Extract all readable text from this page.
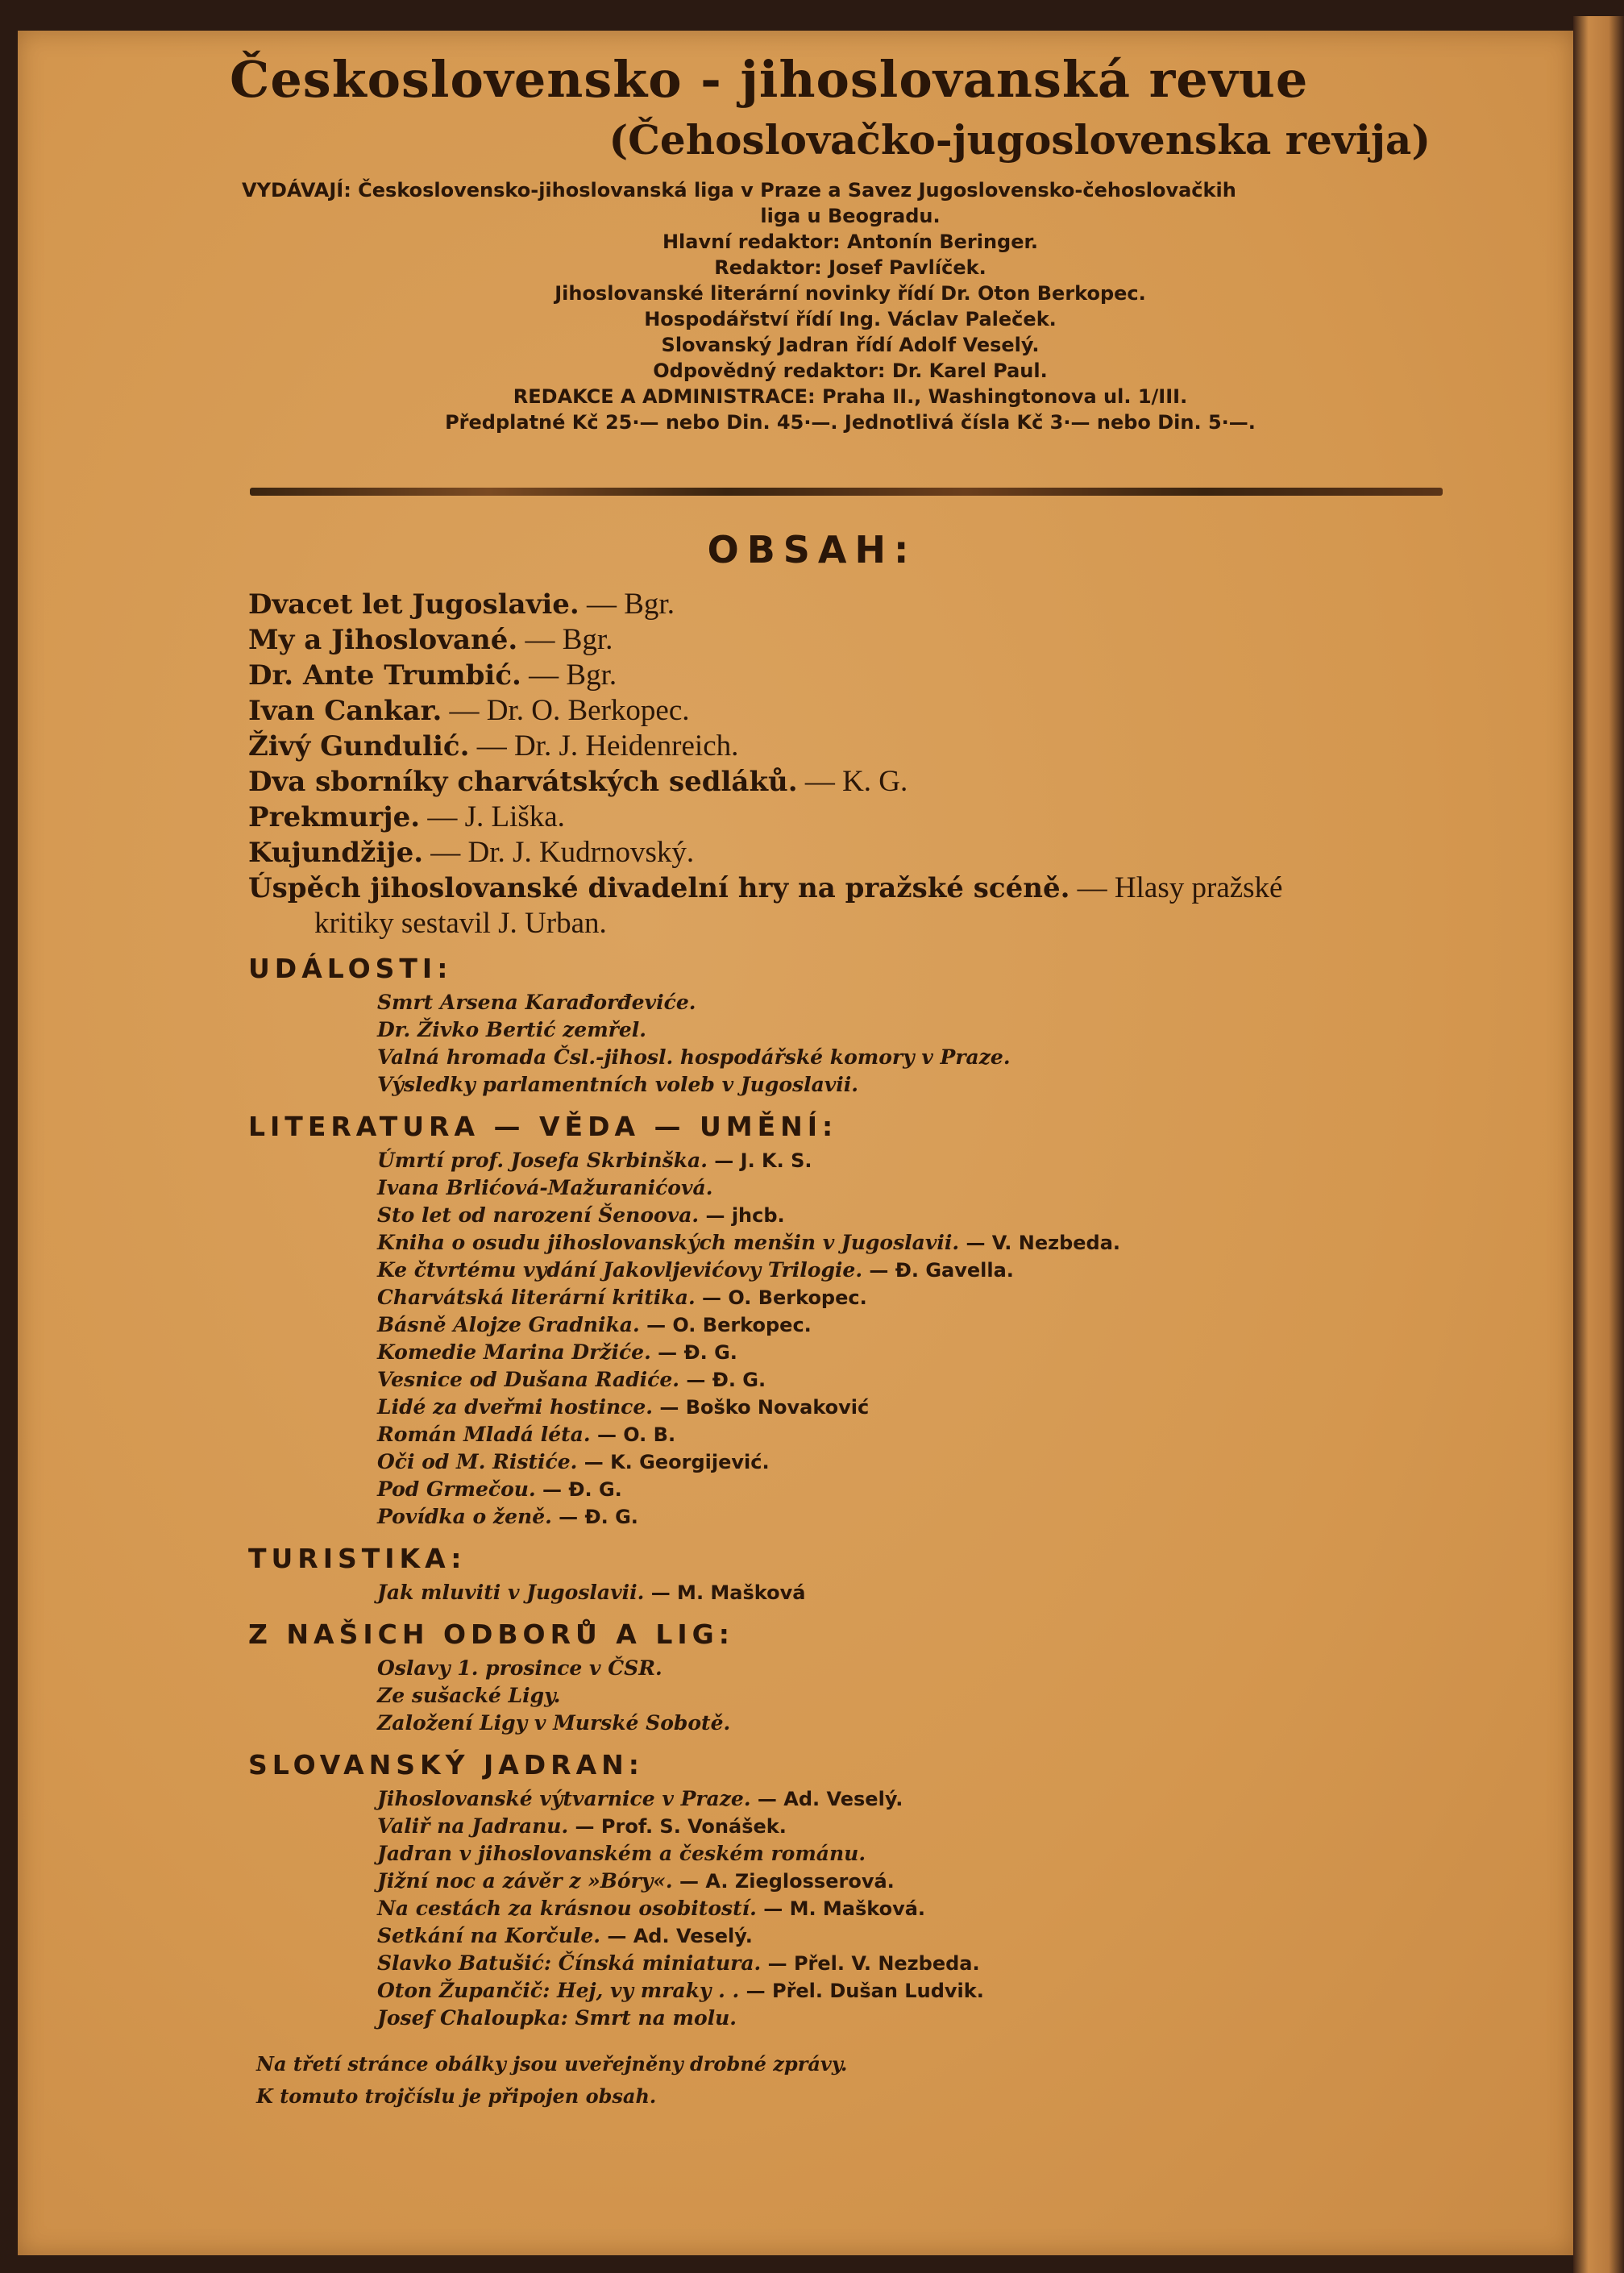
Československo - jihoslovanská revue
(Čehoslovačko-jugoslovenska revija)
VYDÁVAJÍ: Československo-jihoslovanská liga v Praze a Savez Jugoslovensko-čehoslovačkih
liga u Beogradu.
Hlavní redaktor: Antonín Beringer.
Redaktor: Josef Pavlíček.
Jihoslovanské literární novinky řídí Dr. Oton Berkopec.
Hospodářství řídí Ing. Václav Paleček.
Slovanský Jadran řídí Adolf Veselý.
Odpovědný redaktor: Dr. Karel Paul.
REDAKCE A ADMINISTRACE: Praha II., Washingtonova ul. 1/III.
Předplatné Kč 25·— nebo Din. 45·—. Jednotlivá čísla Kč 3·— nebo Din. 5·—.
OBSAH:
Dvacet let Jugoslavie. — Bgr.
My a Jihoslované. — Bgr.
Dr. Ante Trumbić. — Bgr.
Ivan Cankar. — Dr. O. Berkopec.
Živý Gundulić. — Dr. J. Heidenreich.
Dva sborníky charvátských sedláků. — K. G.
Prekmurje. — J. Liška.
Kujundžije. — Dr. J. Kudrnovský.
Úspěch jihoslovanské divadelní hry na pražské scéně. — Hlasy pražské
kritiky sestavil J. Urban.
UDÁLOSTI:
Smrt Arsena Karađorđeviće.
Dr. Živko Bertić zemřel.
Valná hromada Čsl.-jihosl. hospodářské komory v Praze.
Výsledky parlamentních voleb v Jugoslavii.
LITERATURA — VĚDA — UMĚNÍ:
Úmrtí prof. Josefa Skrbinška. — J. K. S.
Ivana Brlićová-Mažuranićová.
Sto let od narození Šenoova. — jhcb.
Kniha o osudu jihoslovanských menšin v Jugoslavii. — V. Nezbeda.
Ke čtvrtému vydání Jakovljevićovy Trilogie. — Đ. Gavella.
Charvátská literární kritika. — O. Berkopec.
Básně Alojze Gradnika. — O. Berkopec.
Komedie Marina Držiće. — Đ. G.
Vesnice od Dušana Radiće. — Đ. G.
Lidé za dveřmi hostince. — Boško Novaković
Román Mladá léta. — O. B.
Oči od M. Ristiće. — K. Georgijević.
Pod Grmečou. — Đ. G.
Povídka o ženě. — Đ. G.
TURISTIKA:
Jak mluviti v Jugoslavii. — M. Mašková
Z NAŠICH ODBORŮ A LIG:
Oslavy 1. prosince v ČSR.
Ze sušacké Ligy.
Založení Ligy v Murské Sobotě.
SLOVANSKÝ JADRAN:
Jihoslovanské výtvarnice v Praze. — Ad. Veselý.
Valiř na Jadranu. — Prof. S. Vonášek.
Jadran v jihoslovanském a českém románu.
Jižní noc a závěr z »Bóry«. — A. Zieglosserová.
Na cestách za krásnou osobitostí. — M. Mašková.
Setkání na Korčule. — Ad. Veselý.
Slavko Batušić: Čínská miniatura. — Přel. V. Nezbeda.
Oton Župančič: Hej, vy mraky . . — Přel. Dušan Ludvik.
Josef Chaloupka: Smrt na molu.
Na třetí stránce obálky jsou uveřejněny drobné zprávy.
K tomuto trojčíslu je připojen obsah.
